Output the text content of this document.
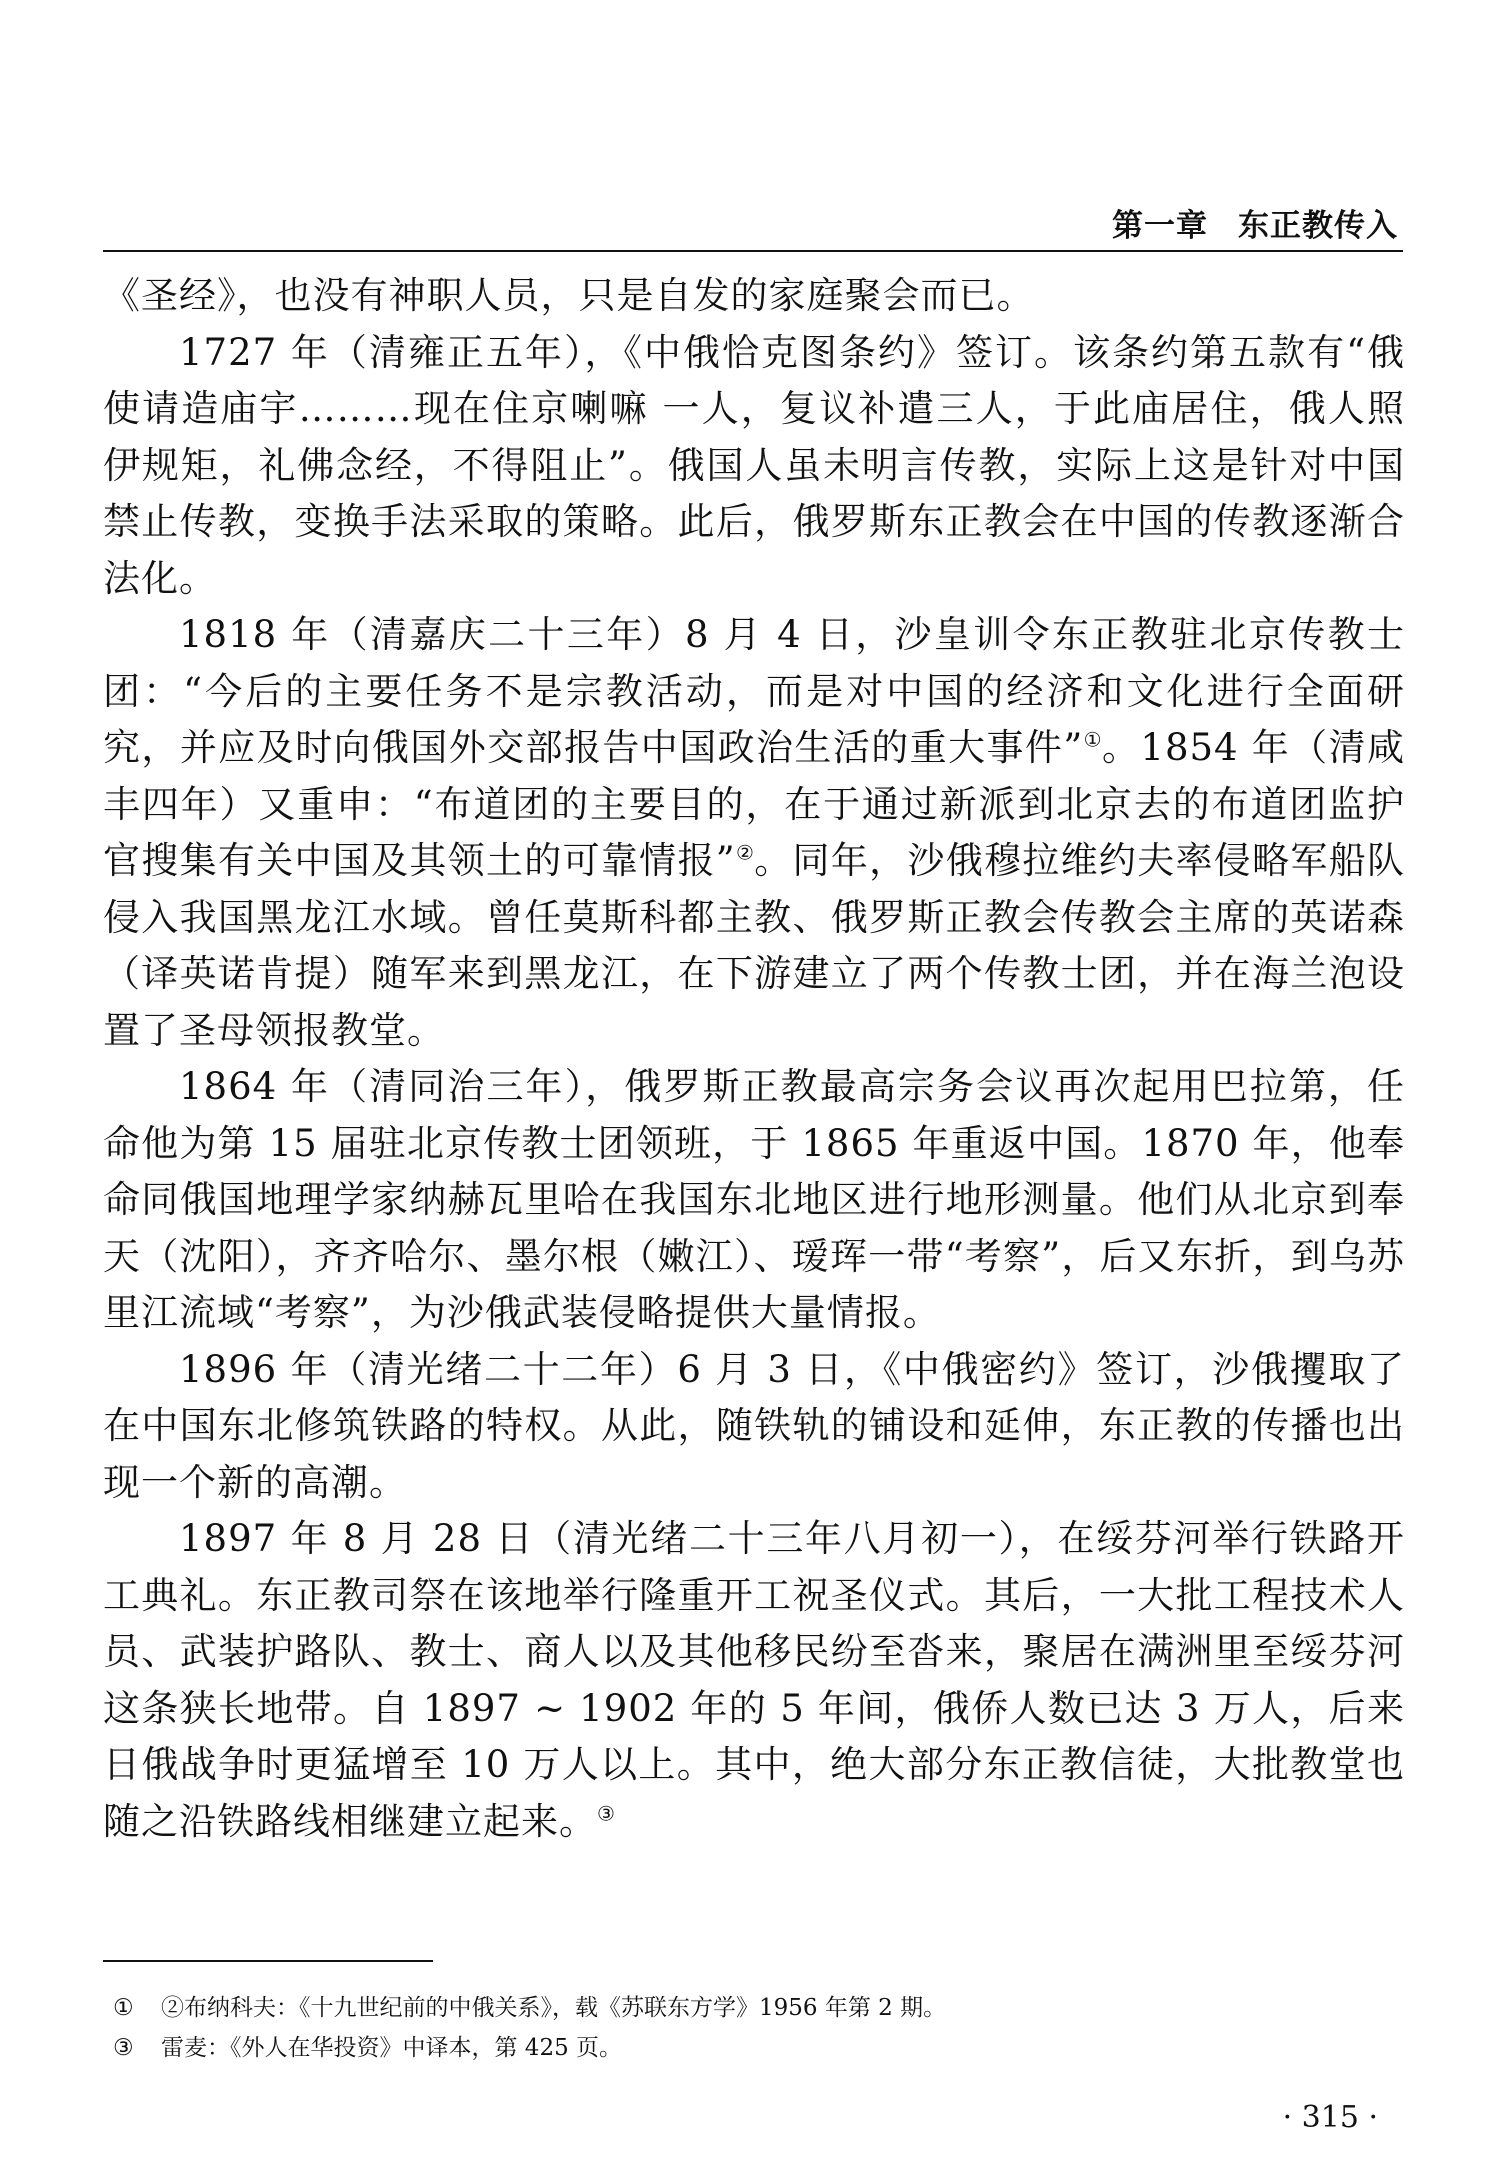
第一章 东正教传入

《圣经》，也没有神职人员，只是自发的家庭聚会而已。

1727 年（清雍正五年），《中俄恰克图条约》签订。该条约第五款有“俄使请造庙宇………现在住京喇嘛 一人，复议补遣三人，于此庙居住，俄人照伊规矩，礼佛念经，不得阻止”。俄国人虽未明言传教，实际上这是针对中国禁止传教，变换手法采取的策略。此后，俄罗斯东正教会在中国的传教逐渐合法化。

1818 年（清嘉庆二十三年）8 月 4 日，沙皇训令东正教驻北京传教士团：“今后的主要任务不是宗教活动，而是对中国的经济和文化进行全面研究，并应及时向俄国外交部报告中国政治生活的重大事件”①。1854 年（清咸丰四年）又重申：“布道团的主要目的，在于通过新派到北京去的布道团监护官搜集有关中国及其领土的可靠情报”②。同年，沙俄穆拉维约夫率侵略军船队侵入我国黑龙江水域。曾任莫斯科都主教、俄罗斯正教会传教会主席的英诺森（译英诺肯提）随军来到黑龙江，在下游建立了两个传教士团，并在海兰泡设置了圣母领报教堂。

1864 年（清同治三年），俄罗斯正教最高宗务会议再次起用巴拉第，任命他为第 15 届驻北京传教士团领班，于 1865 年重返中国。1870 年，他奉命同俄国地理学家纳赫瓦里哈在我国东北地区进行地形测量。他们从北京到奉天（沈阳），齐齐哈尔、墨尔根（嫩江）、瑷珲一带“考察”，后又东折，到乌苏里江流域“考察”，为沙俄武装侵略提供大量情报。

1896 年（清光绪二十二年）6 月 3 日，《中俄密约》签订，沙俄攫取了在中国东北修筑铁路的特权。从此，随铁轨的铺设和延伸，东正教的传播也出现一个新的高潮。

1897 年 8 月 28 日（清光绪二十三年八月初一），在绥芬河举行铁路开工典礼。东正教司祭在该地举行隆重开工祝圣仪式。其后，一大批工程技术人员、武装护路队、教士、商人以及其他移民纷至沓来，聚居在满洲里至绥芬河这条狭长地带。自 1897 ~ 1902 年的 5 年间，俄侨人数已达 3 万人，后来日俄战争时更猛增至 10 万人以上。其中，绝大部分东正教信徒，大批教堂也随之沿铁路线相继建立起来。③

① ②布纳科夫：《十九世纪前的中俄关系》，载《苏联东方学》1956 年第 2 期。
③ 雷麦：《外人在华投资》中译本，第 425 页。
· 315 ·
